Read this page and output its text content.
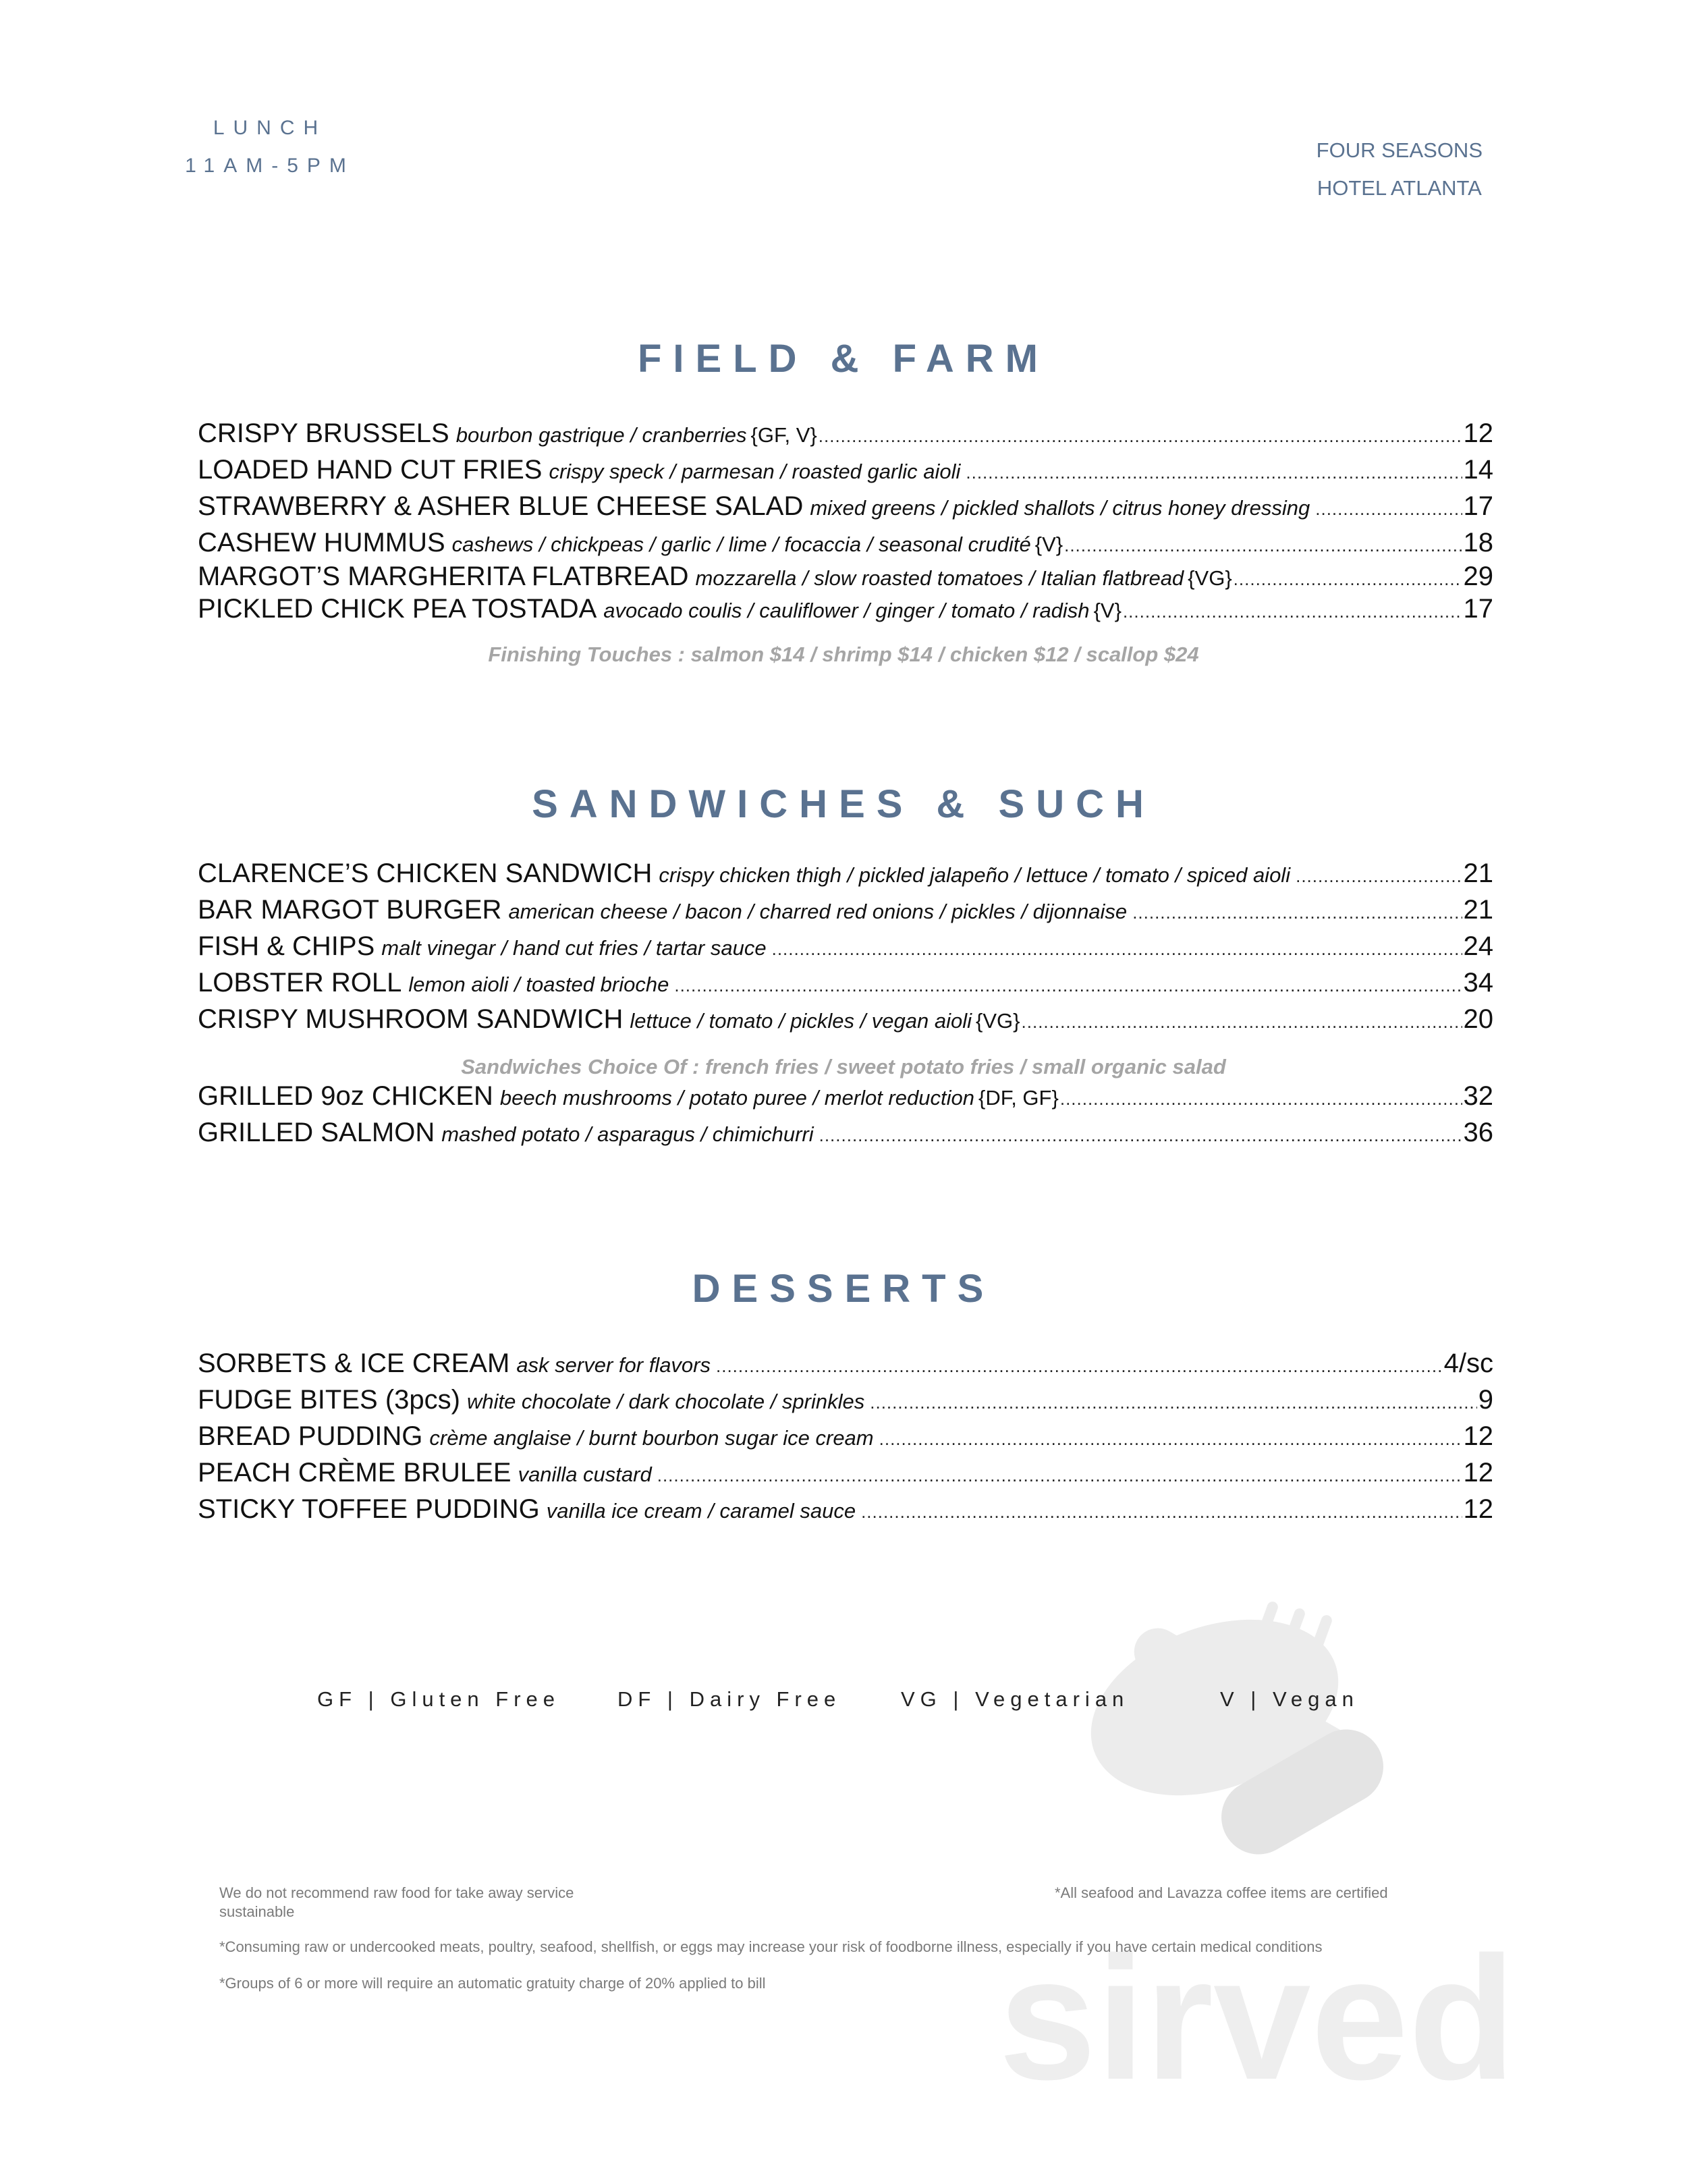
LUNCH
11AM-5PM
FOUR SEASONS
HOTEL ATLANTA
FIELD & FARM
CRISPY BRUSSELS bourbon gastrique / cranberries {GF, V} .....	12
LOADED HAND CUT FRIES crispy speck / parmesan / roasted garlic aioli .....	14
STRAWBERRY & ASHER BLUE CHEESE SALAD mixed greens / pickled shallots / citrus honey dressing .....	17
CASHEW HUMMUS cashews / chickpeas / garlic / lime / focaccia / seasonal crudité {V} .....	18
MARGOT’S MARGHERITA FLATBREAD mozzarella / slow roasted tomatoes / Italian flatbread {VG} .....	29
PICKLED CHICK PEA TOSTADA avocado coulis / cauliflower / ginger / tomato / radish {V} .....	17
Finishing Touches : salmon $14 / shrimp $14 / chicken $12 / scallop $24
SANDWICHES & SUCH
CLARENCE’S CHICKEN SANDWICH crispy chicken thigh / pickled jalapeño / lettuce / tomato / spiced aioli .....	21
BAR MARGOT BURGER american cheese / bacon / charred red onions / pickles / dijonnaise .....	21
FISH & CHIPS malt vinegar / hand cut fries / tartar sauce .....	24
LOBSTER ROLL lemon aioli / toasted brioche .....	34
CRISPY MUSHROOM SANDWICH lettuce / tomato / pickles / vegan aioli {VG} .....	20
Sandwiches Choice Of : french fries / sweet potato fries / small organic salad
GRILLED 9oz CHICKEN beech mushrooms / potato puree / merlot reduction {DF, GF} .....	32
GRILLED SALMON mashed potato / asparagus / chimichurri .....	36
DESSERTS
SORBETS & ICE CREAM ask server for flavors .....	4/sc
FUDGE BITES (3pcs) white chocolate / dark chocolate / sprinkles .....	9
BREAD PUDDING crème anglaise / burnt bourbon sugar ice cream .....	12
PEACH CRÈME BRULEE vanilla custard .....	12
STICKY TOFFEE PUDDING vanilla ice cream / caramel sauce .....	12
sirved
GF | Gluten Free	DF | Dairy Free	VG | Vegetarian	V | Vegan
We do not recommend raw food for take away service	*All seafood and Lavazza coffee items are certified
sustainable
*Consuming raw or undercooked meats, poultry, seafood, shellfish, or eggs may increase your risk of foodborne illness, especially if you have certain medical conditions
*Groups of 6 or more will require an automatic gratuity charge of 20% applied to bill
